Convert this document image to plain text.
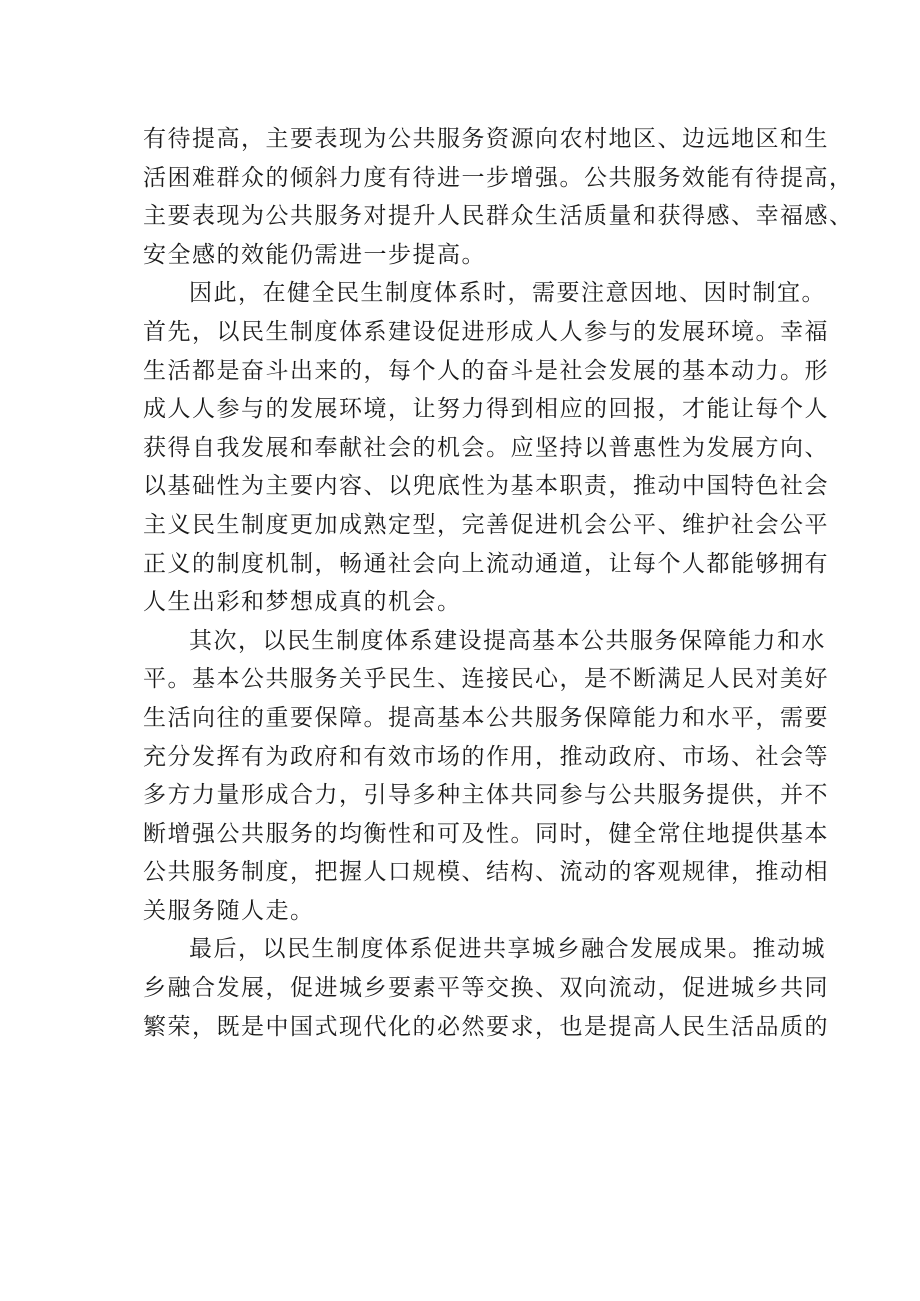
有待提高，主要表现为公共服务资源向农村地区、边远地区和生
活困难群众的倾斜力度有待进一步增强。公共服务效能有待提高，
主要表现为公共服务对提升人民群众生活质量和获得感、幸福感、
安全感的效能仍需进一步提高。
因此，在健全民生制度体系时，需要注意因地、因时制宜。
首先，以民生制度体系建设促进形成人人参与的发展环境。幸福
生活都是奋斗出来的，每个人的奋斗是社会发展的基本动力。形
成人人参与的发展环境，让努力得到相应的回报，才能让每个人
获得自我发展和奉献社会的机会。应坚持以普惠性为发展方向、
以基础性为主要内容、以兜底性为基本职责，推动中国特色社会
主义民生制度更加成熟定型，完善促进机会公平、维护社会公平
正义的制度机制，畅通社会向上流动通道，让每个人都能够拥有
人生出彩和梦想成真的机会。
其次，以民生制度体系建设提高基本公共服务保障能力和水
平。基本公共服务关乎民生、连接民心，是不断满足人民对美好
生活向往的重要保障。提高基本公共服务保障能力和水平，需要
充分发挥有为政府和有效市场的作用，推动政府、市场、社会等
多方力量形成合力，引导多种主体共同参与公共服务提供，并不
断增强公共服务的均衡性和可及性。同时，健全常住地提供基本
公共服务制度，把握人口规模、结构、流动的客观规律，推动相
关服务随人走。
最后，以民生制度体系促进共享城乡融合发展成果。推动城
乡融合发展，促进城乡要素平等交换、双向流动，促进城乡共同
繁荣，既是中国式现代化的必然要求，也是提高人民生活品质的
